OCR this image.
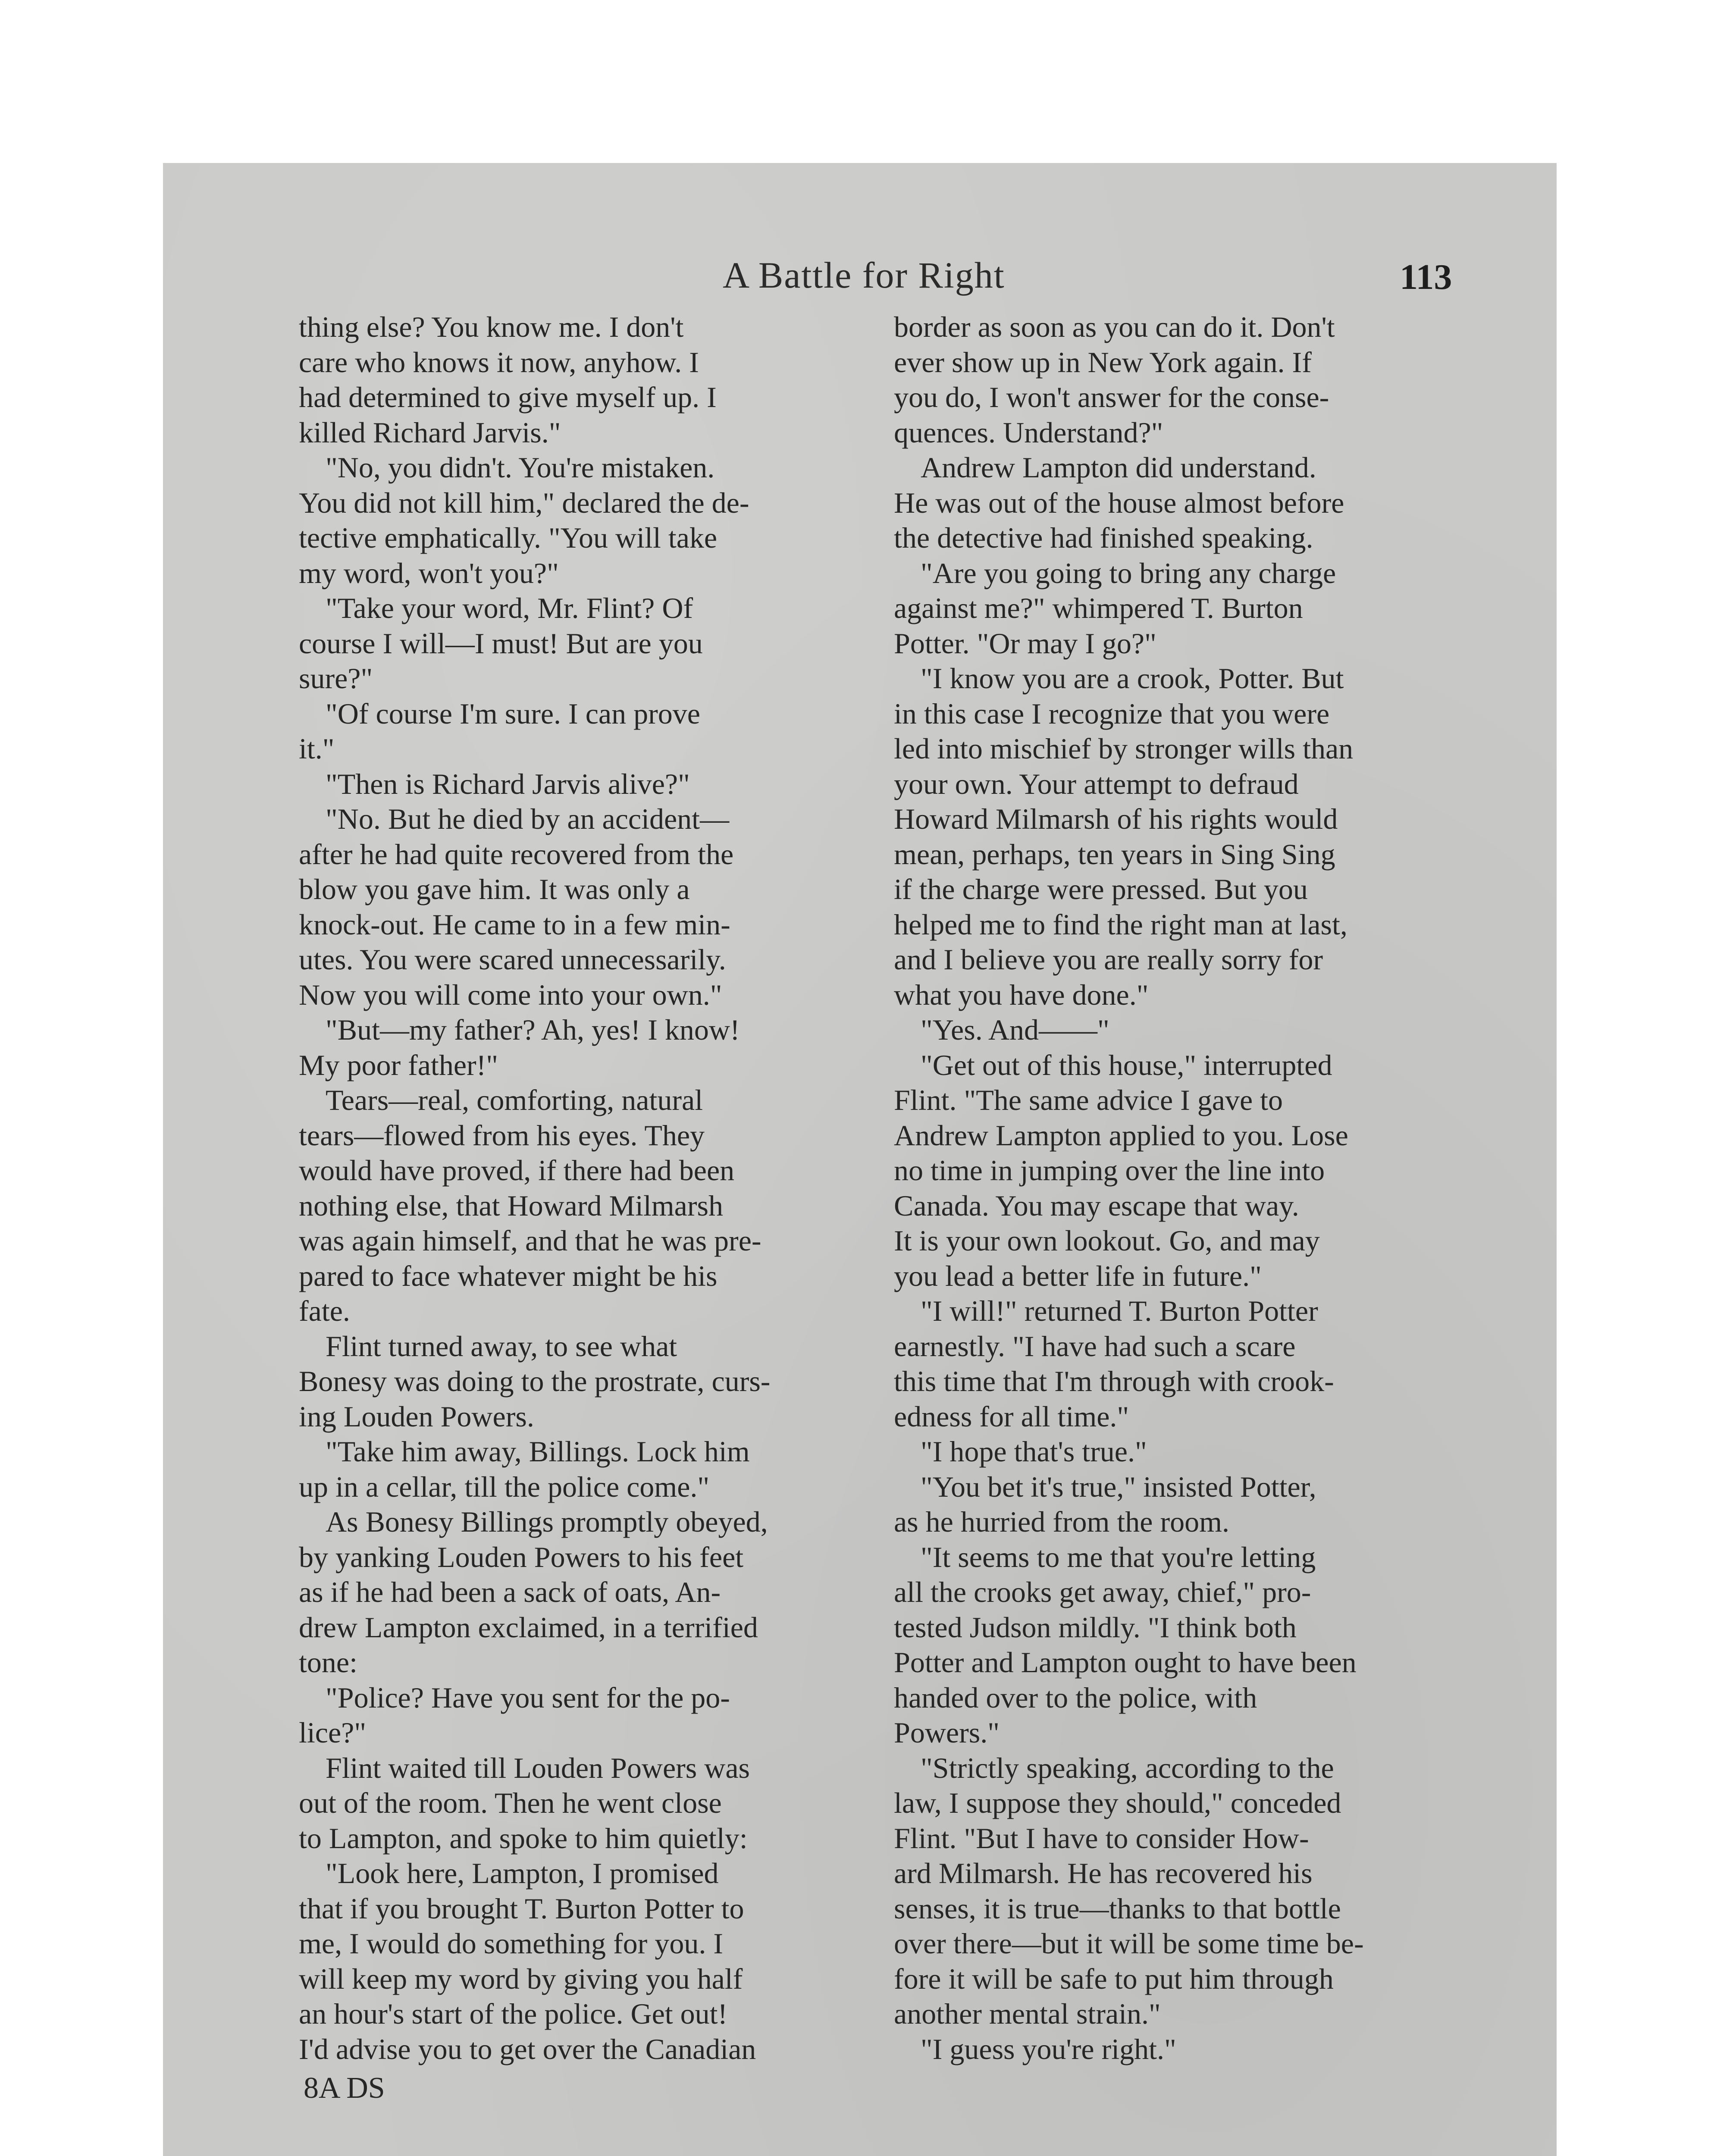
A Battle for Right	113
thing else? You know me. I don't
care who knows it now, anyhow. I
had determined to give myself up. I
killed Richard Jarvis."
"No, you didn't. You're mistaken.
You did not kill him," declared the de-
tective emphatically. "You will take
my word, won't you?"
"Take your word, Mr. Flint? Of
course I will—I must! But are you
sure?"
"Of course I'm sure. I can prove
it."
"Then is Richard Jarvis alive?"
"No. But he died by an accident—
after he had quite recovered from the
blow you gave him. It was only a
knock-out. He came to in a few min-
utes. You were scared unnecessarily.
Now you will come into your own."
"But—my father? Ah, yes! I know!
My poor father!"
Tears—real, comforting, natural
tears—flowed from his eyes. They
would have proved, if there had been
nothing else, that Howard Milmarsh
was again himself, and that he was pre-
pared to face whatever might be his
fate.
Flint turned away, to see what
Bonesy was doing to the prostrate, curs-
ing Louden Powers.
"Take him away, Billings. Lock him
up in a cellar, till the police come."
As Bonesy Billings promptly obeyed,
by yanking Louden Powers to his feet
as if he had been a sack of oats, An-
drew Lampton exclaimed, in a terrified
tone:
"Police? Have you sent for the po-
lice?"
Flint waited till Louden Powers was
out of the room. Then he went close
to Lampton, and spoke to him quietly:
"Look here, Lampton, I promised
that if you brought T. Burton Potter to
me, I would do something for you. I
will keep my word by giving you half
an hour's start of the police. Get out!
I'd advise you to get over the Canadian
border as soon as you can do it. Don't
ever show up in New York again. If
you do, I won't answer for the conse-
quences. Understand?"
Andrew Lampton did understand.
He was out of the house almost before
the detective had finished speaking.
"Are you going to bring any charge
against me?" whimpered T. Burton
Potter. "Or may I go?"
"I know you are a crook, Potter. But
in this case I recognize that you were
led into mischief by stronger wills than
your own. Your attempt to defraud
Howard Milmarsh of his rights would
mean, perhaps, ten years in Sing Sing
if the charge were pressed. But you
helped me to find the right man at last,
and I believe you are really sorry for
what you have done."
"Yes. And——"
"Get out of this house," interrupted
Flint. "The same advice I gave to
Andrew Lampton applied to you. Lose
no time in jumping over the line into
Canada. You may escape that way.
It is your own lookout. Go, and may
you lead a better life in future."
"I will!" returned T. Burton Potter
earnestly. "I have had such a scare
this time that I'm through with crook-
edness for all time."
"I hope that's true."
"You bet it's true," insisted Potter,
as he hurried from the room.
"It seems to me that you're letting
all the crooks get away, chief," pro-
tested Judson mildly. "I think both
Potter and Lampton ought to have been
handed over to the police, with
Powers."
"Strictly speaking, according to the
law, I suppose they should," conceded
Flint. "But I have to consider How-
ard Milmarsh. He has recovered his
senses, it is true—thanks to that bottle
over there—but it will be some time be-
fore it will be safe to put him through
another mental strain."
"I guess you're right."
8A DS
